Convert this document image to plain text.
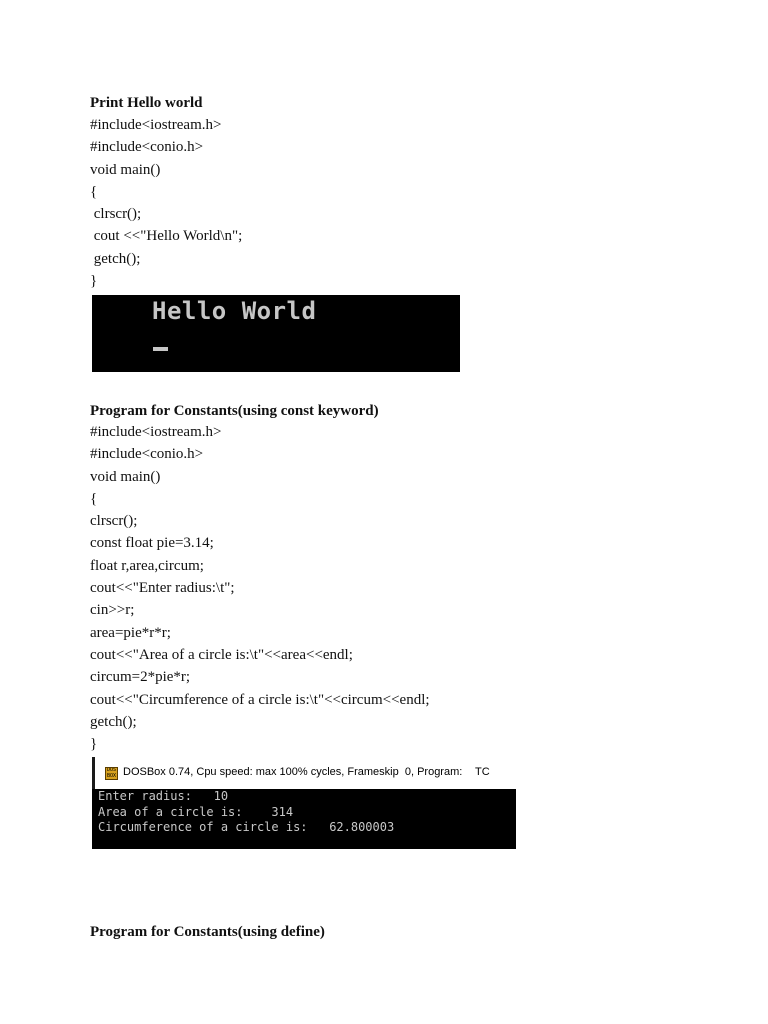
Print Hello world
#include<iostream.h>
#include<conio.h>
void main()
{
clrscr();
cout <<"Hello World\n";
getch();
}
Hello World
Program for Constants(using const keyword)
#include<iostream.h>
#include<conio.h>
void main()
{
clrscr();
const float pie=3.14;
float r,area,circum;
cout<<"Enter radius:\t";
cin>>r;
area=pie*r*r;
cout<<"Area of a circle is:\t"<<area<<endl;
circum=2*pie*r;
cout<<"Circumference of a circle is:\t"<<circum<<endl;
getch();
}
DOS BOX DOSBox 0.74, Cpu speed: max 100% cycles, Frameskip  0, Program: TC
Enter radius:   10
Area of a circle is:    314
Circumference of a circle is:   62.800003
Program for Constants(using define)
